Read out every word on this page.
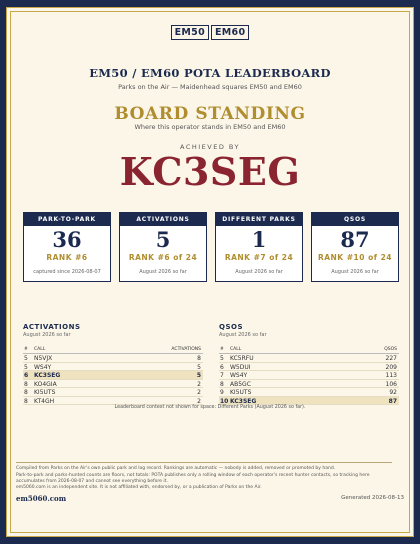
EM50 EM60
EM50 / EM60 POTA LEADERBOARD
Parks on the Air — Maidenhead squares EM50 and EM60
BOARD STANDING
Where this operator stands in EM50 and EM60
ACHIEVED BY
KC3SEG
PARK-TO-PARK
36
RANK #6
captured since 2026-08-07
ACTIVATIONS
5
RANK #6 of 24
August 2026 so far
DIFFERENT PARKS
1
RANK #7 of 24
August 2026 so far
QSOS
87
RANK #10 of 24
August 2026 so far
ACTIVATIONS
August 2026 so far
# CALL	ACTIVATIONS
5 N5VJX	8
5 WS4Y	5
6 KC3SEG	5
8 KO4GIA	2
8 KI5UTS	2
8 KT4GH	2
QSOS
August 2026 so far
# CALL	QSOS
5 KC5RFU	227
6 W5DUI	209
7 WS4Y	113
8 AB5GC	106
9 KI5UTS	92
10 KC3SEG	87
Leaderboard context not shown for space: Different Parks (August 2026 so far).
Compiled from Parks on the Air's own public park and log record. Rankings are automatic — nobody is added, removed or promoted by hand.
Park-to-park and parks-hunted counts are floors, not totals: POTA publishes only a rolling window of each operator's recent hunter contacts, so tracking here accumulates from 2026-08-07 and cannot see everything before it.
em5060.com is an independent site. It is not affiliated with, endorsed by, or a publication of Parks on the Air.
em5060.com	Generated 2026-08-13
